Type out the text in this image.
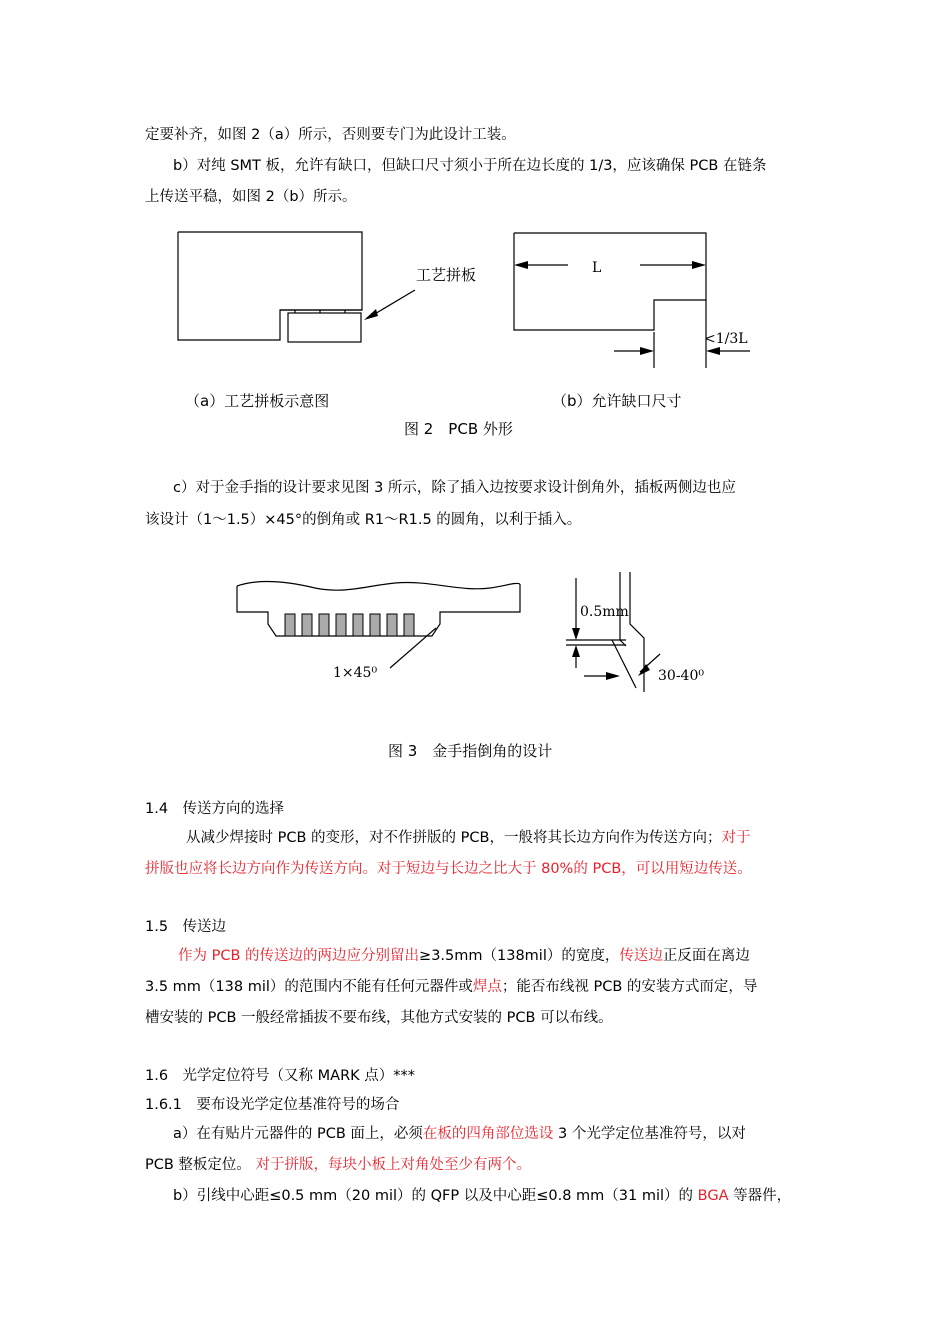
定要补齐，如图 2（a）所示，否则要专门为此设计工装。
b）对纯 SMT 板，允许有缺口，但缺口尺寸须小于所在边长度的 1/3，应该确保 PCB 在链条
上传送平稳，如图 2（b）所示。
工艺拼板	L
<1/3L
（a）工艺拼板示意图	（b）允许缺口尺寸
图 2　PCB 外形
c）对于金手指的设计要求见图 3 所示，除了插入边按要求设计倒角外，插板两侧边也应
该设计（1～1.5）×45°的倒角或 R1～R1.5 的圆角，以利于插入。
1×45⁰
0.5mm
30-40⁰
图 3　金手指倒角的设计
1.4　传送方向的选择
从减少焊接时 PCB 的变形，对不作拼版的 PCB，一般将其长边方向作为传送方向；对于
拼版也应将长边方向作为传送方向。对于短边与长边之比大于 80%的 PCB，可以用短边传送。
1.5　传送边
作为 PCB 的传送边的两边应分别留出≥3.5mm（138mil）的宽度，传送边正反面在离边
3.5 mm（138 mil）的范围内不能有任何元器件或焊点；能否布线视 PCB 的安装方式而定，导
槽安装的 PCB 一般经常插拔不要布线，其他方式安装的 PCB 可以布线。
1.6　光学定位符号（又称 MARK 点）***
1.6.1　要布设光学定位基准符号的场合
a）在有贴片元器件的 PCB 面上，必须在板的四角部位选设 3 个光学定位基准符号，以对
PCB 整板定位。 对于拼版，每块小板上对角处至少有两个。
b）引线中心距≤0.5 mm（20 mil）的 QFP 以及中心距≤0.8 mm（31 mil）的 BGA 等器件，
